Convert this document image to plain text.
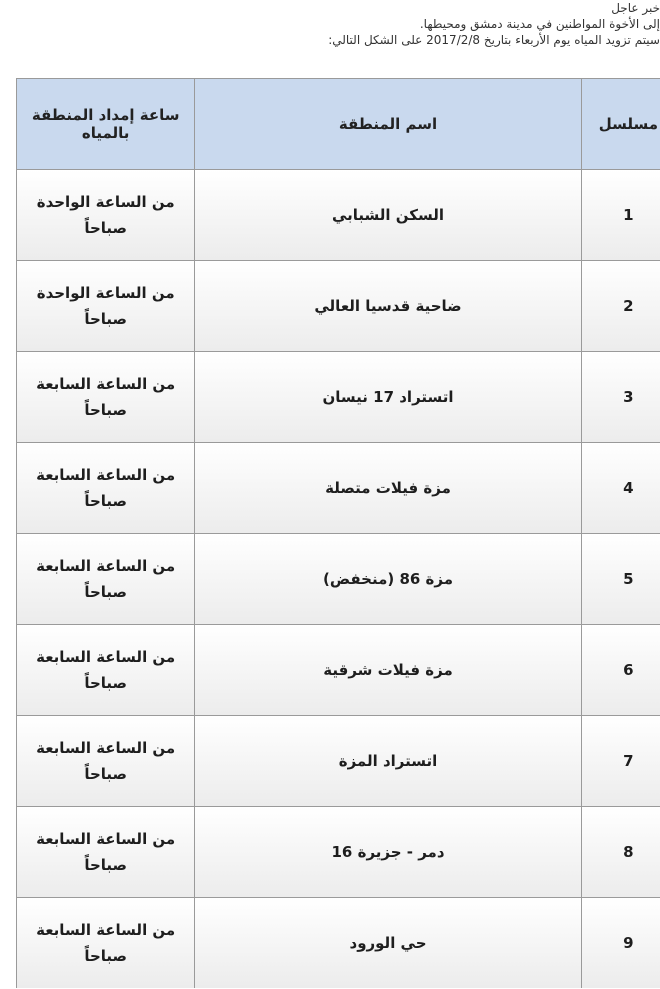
خبر عاجل
إلى الأخوة المواطنين في مدينة دمشق ومحيطها.
سيتم تزويد المياه يوم الأربعاء بتاريخ 2017/2/8 على الشكل التالي:
مسلسل	اسم المنطقة	ساعة إمداد المنطقة بالمياه

1	السكن الشبابي	من الساعة الواحدة صباحاً

2	ضاحية قدسيا العالي	من الساعة الواحدة صباحاً

3	اتستراد 17 نيسان	من الساعة السابعة صباحاً

4	مزة فيلات متصلة	من الساعة السابعة صباحاً

5	مزة 86 (منخفض)	من الساعة السابعة صباحاً

6	مزة فيلات شرقية	من الساعة السابعة صباحاً

7	اتستراد المزة	من الساعة السابعة صباحاً

8	دمر - جزيرة 16	من الساعة السابعة صباحاً

9	حي الورود	من الساعة السابعة صباحاً
